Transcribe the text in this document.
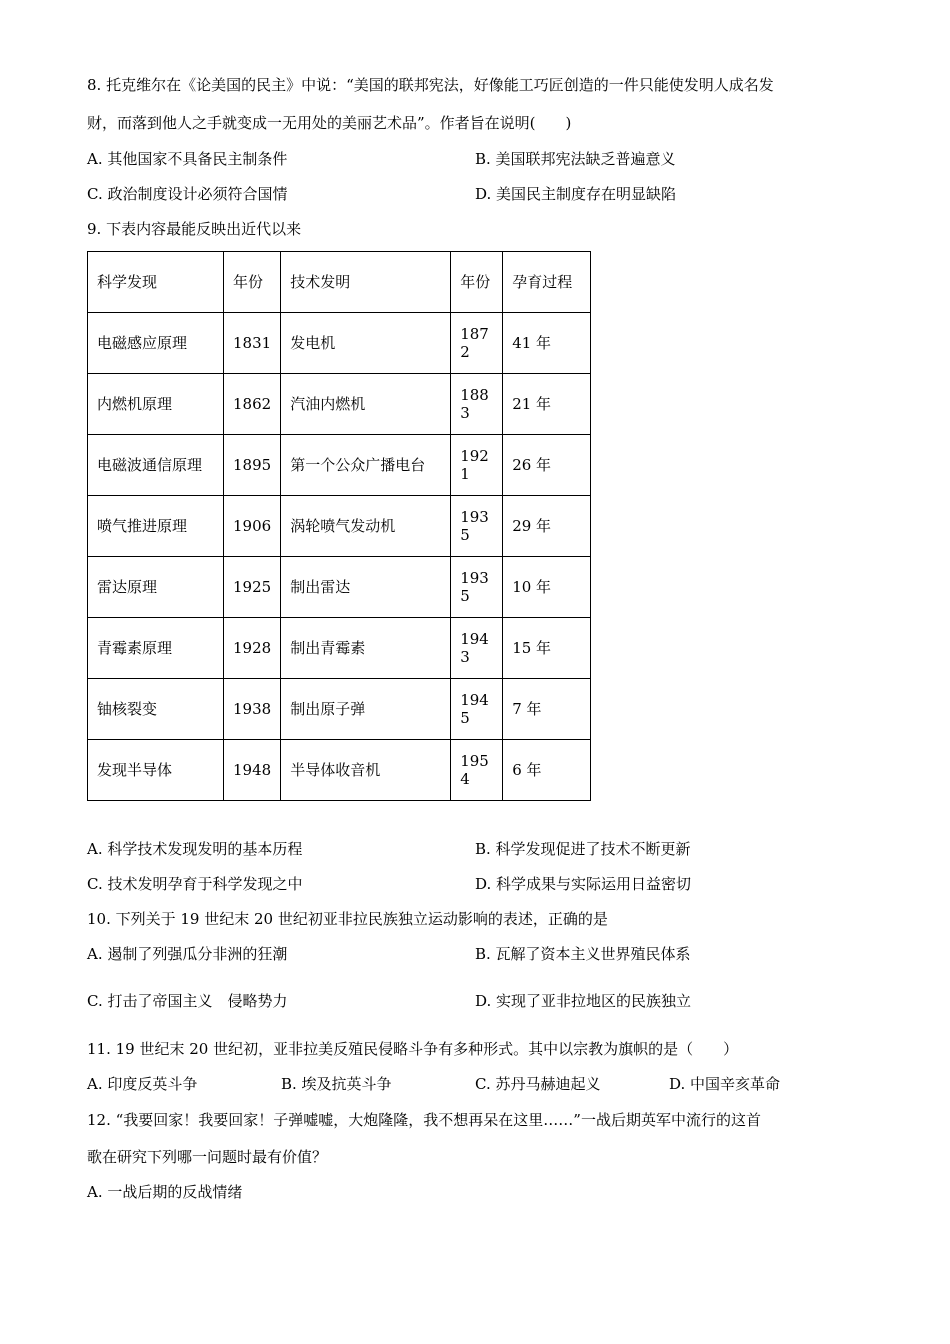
8. 托克维尔在《论美国的民主》中说：“美国的联邦宪法，好像能工巧匠创造的一件只能使发明人成名发
财，而落到他人之手就变成一无用处的美丽艺术品”。作者旨在说明(　　)
A. 其他国家不具备民主制条件	B. 美国联邦宪法缺乏普遍意义
C. 政治制度设计必须符合国情	D. 美国民主制度存在明显缺陷
9. 下表内容最能反映出近代以来
科学发现	年份	技术发明	年份	孕育过程
电磁感应原理	1831	发电机	1872	41 年
内燃机原理	1862	汽油内燃机	1883	21 年
电磁波通信原理	1895	第一个公众广播电台	1921	26 年
喷气推进原理	1906	涡轮喷气发动机	1935	29 年
雷达原理	1925	制出雷达	1935	10 年
青霉素原理	1928	制出青霉素	1943	15 年
铀核裂变	1938	制出原子弹	1945	7 年
发现半导体	1948	半导体收音机	1954	6 年
A. 科学技术发现发明的基本历程	B. 科学发现促进了技术不断更新
C. 技术发明孕育于科学发现之中	D. 科学成果与实际运用日益密切
10. 下列关于 19 世纪末 20 世纪初亚非拉民族独立运动影响的表述，正确的是
A. 遏制了列强瓜分非洲的狂潮	B. 瓦解了资本主义世界殖民体系
C. 打击了帝国主义　侵略势力	D. 实现了亚非拉地区的民族独立
11. 19 世纪末 20 世纪初，亚非拉美反殖民侵略斗争有多种形式。其中以宗教为旗帜的是（　　）
A. 印度反英斗争	B. 埃及抗英斗争	C. 苏丹马赫迪起义	D. 中国辛亥革命
12. “我要回家！我要回家！子弹嘘嘘，大炮隆隆，我不想再呆在这里……”一战后期英军中流行的这首
歌在研究下列哪一问题时最有价值？
A. 一战后期的反战情绪
